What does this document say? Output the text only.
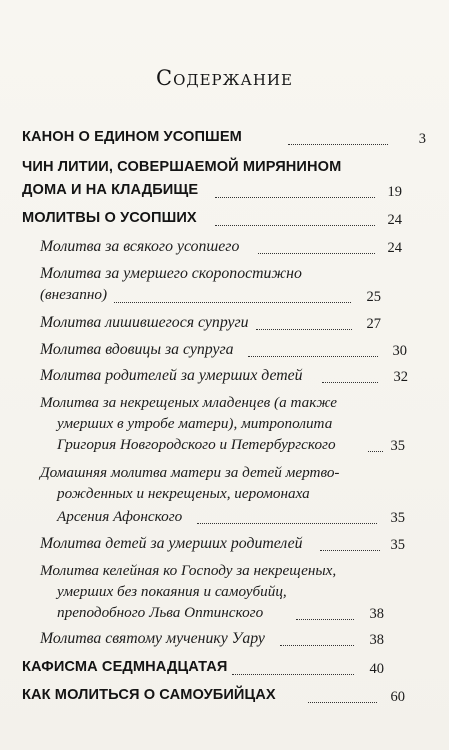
Содержание
КАНОН О ЕДИНОМ УСОПШЕМ	3
ЧИН ЛИТИИ, СОВЕРШАЕМОЙ МИРЯНИНОМ
ДОМА И НА КЛАДБИЩЕ	19
МОЛИТВЫ О УСОПШИХ	24
Молитва за всякого усопшего	24
Молитва за умершего скоропостижно
(внезапно)	25
Молитва лишившегося супруги	27
Молитва вдовицы за супруга	30
Молитва родителей за умерших детей	32
Молитва за некрещеных младенцев (а также
умерших в утробе матери), митрополита
Григория Новгородского и Петербургского	35
Домашняя молитва матери за детей мертво-
рожденных и некрещеных, иеромонаха
Арсения Афонского	35
Молитва детей за умерших родителей	35
Молитва келейная ко Господу за некрещеных,
умерших без покаяния и самоубийц,
преподобного Льва Оптинского	38
Молитва святому мученику Уару	38
КАФИСМА СЕДМНАДЦАТАЯ	40
КАК МОЛИТЬСЯ О САМОУБИЙЦАХ	60
